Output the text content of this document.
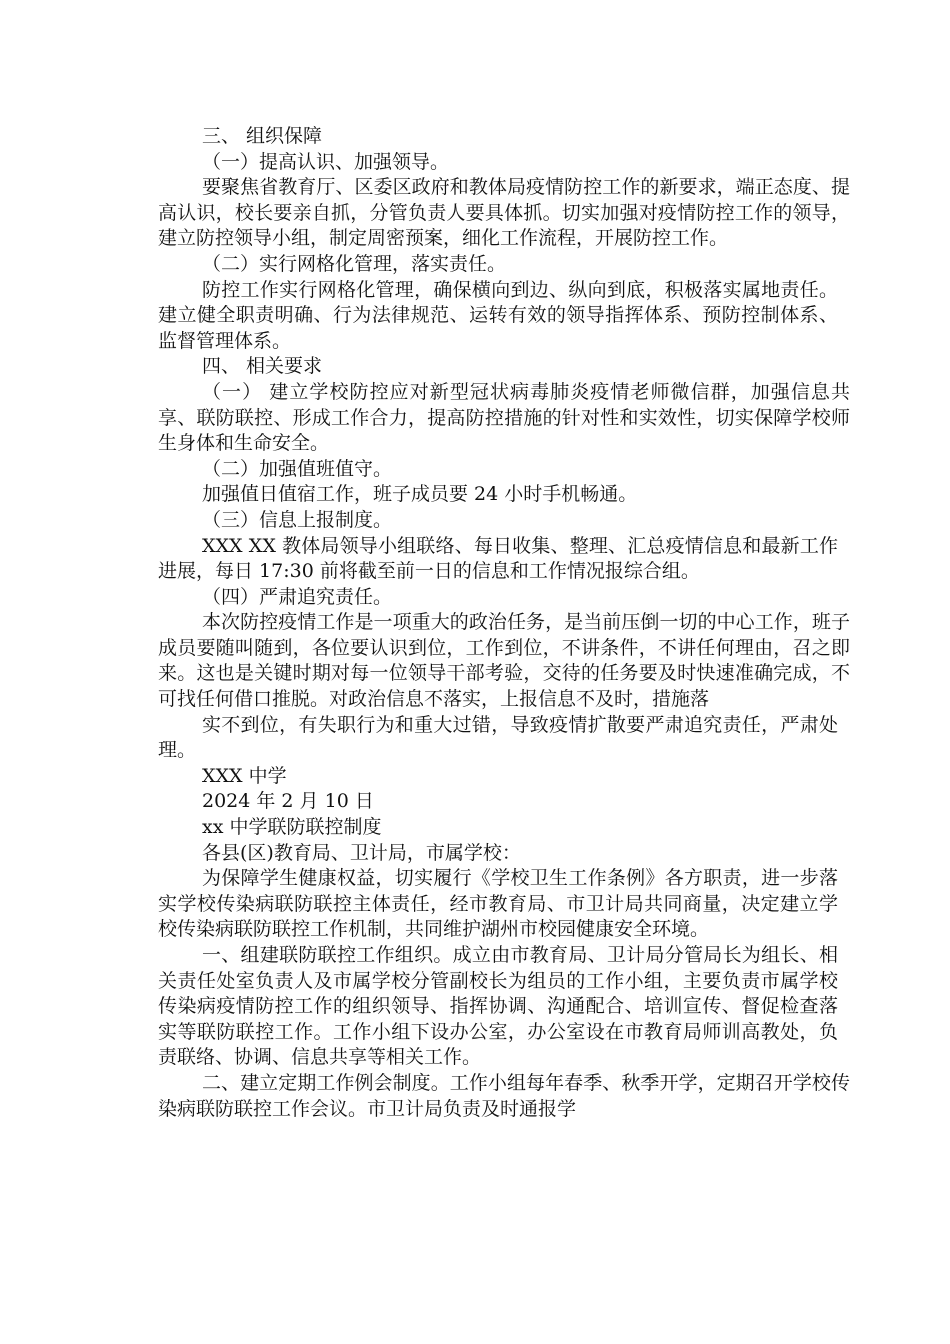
三、 组织保障

（一）提高认识、加强领导。

要聚焦省教育厅、区委区政府和教体局疫情防控工作的新要求，端正态度、提高认识，校长要亲自抓，分管负责人要具体抓。切实加强对疫情防控工作的领导，建立防控领导小组，制定周密预案，细化工作流程，开展防控工作。

（二）实行网格化管理，落实责任。

防控工作实行网格化管理，确保横向到边、纵向到底，积极落实属地责任。建立健全职责明确、行为法律规范、运转有效的领导指挥体系、预防控制体系、监督管理体系。

四、 相关要求

（一） 建立学校防控应对新型冠状病毒肺炎疫情老师微信群，加强信息共享、联防联控、形成工作合力，提高防控措施的针对性和实效性，切实保障学校师生身体和生命安全。

（二）加强值班值守。

加强值日值宿工作，班子成员要 24 小时手机畅通。

（三）信息上报制度。

XXX XX 教体局领导小组联络、每日收集、整理、汇总疫情信息和最新工作进展，每日 17:30 前将截至前一日的信息和工作情况报综合组。

（四）严肃追究责任。

本次防控疫情工作是一项重大的政治任务，是当前压倒一切的中心工作，班子成员要随叫随到，各位要认识到位，工作到位，不讲条件，不讲任何理由，召之即来。这也是关键时期对每一位领导干部考验，交待的任务要及时快速准确完成，不可找任何借口推脱。对政治信息不落实，上报信息不及时，措施落

实不到位，有失职行为和重大过错，导致疫情扩散要严肃追究责任，严肃处理。

XXX 中学

2024 年 2 月 10 日

xx 中学联防联控制度

各县(区)教育局、卫计局，市属学校：

为保障学生健康权益，切实履行《学校卫生工作条例》各方职责，进一步落实学校传染病联防联控主体责任，经市教育局、市卫计局共同商量，决定建立学校传染病联防联控工作机制，共同维护湖州市校园健康安全环境。

一、组建联防联控工作组织。成立由市教育局、卫计局分管局长为组长、相关责任处室负责人及市属学校分管副校长为组员的工作小组，主要负责市属学校传染病疫情防控工作的组织领导、指挥协调、沟通配合、培训宣传、督促检查落实等联防联控工作。工作小组下设办公室，办公室设在市教育局师训高教处，负责联络、协调、信息共享等相关工作。

二、建立定期工作例会制度。工作小组每年春季、秋季开学，定期召开学校传染病联防联控工作会议。市卫计局负责及时通报学
